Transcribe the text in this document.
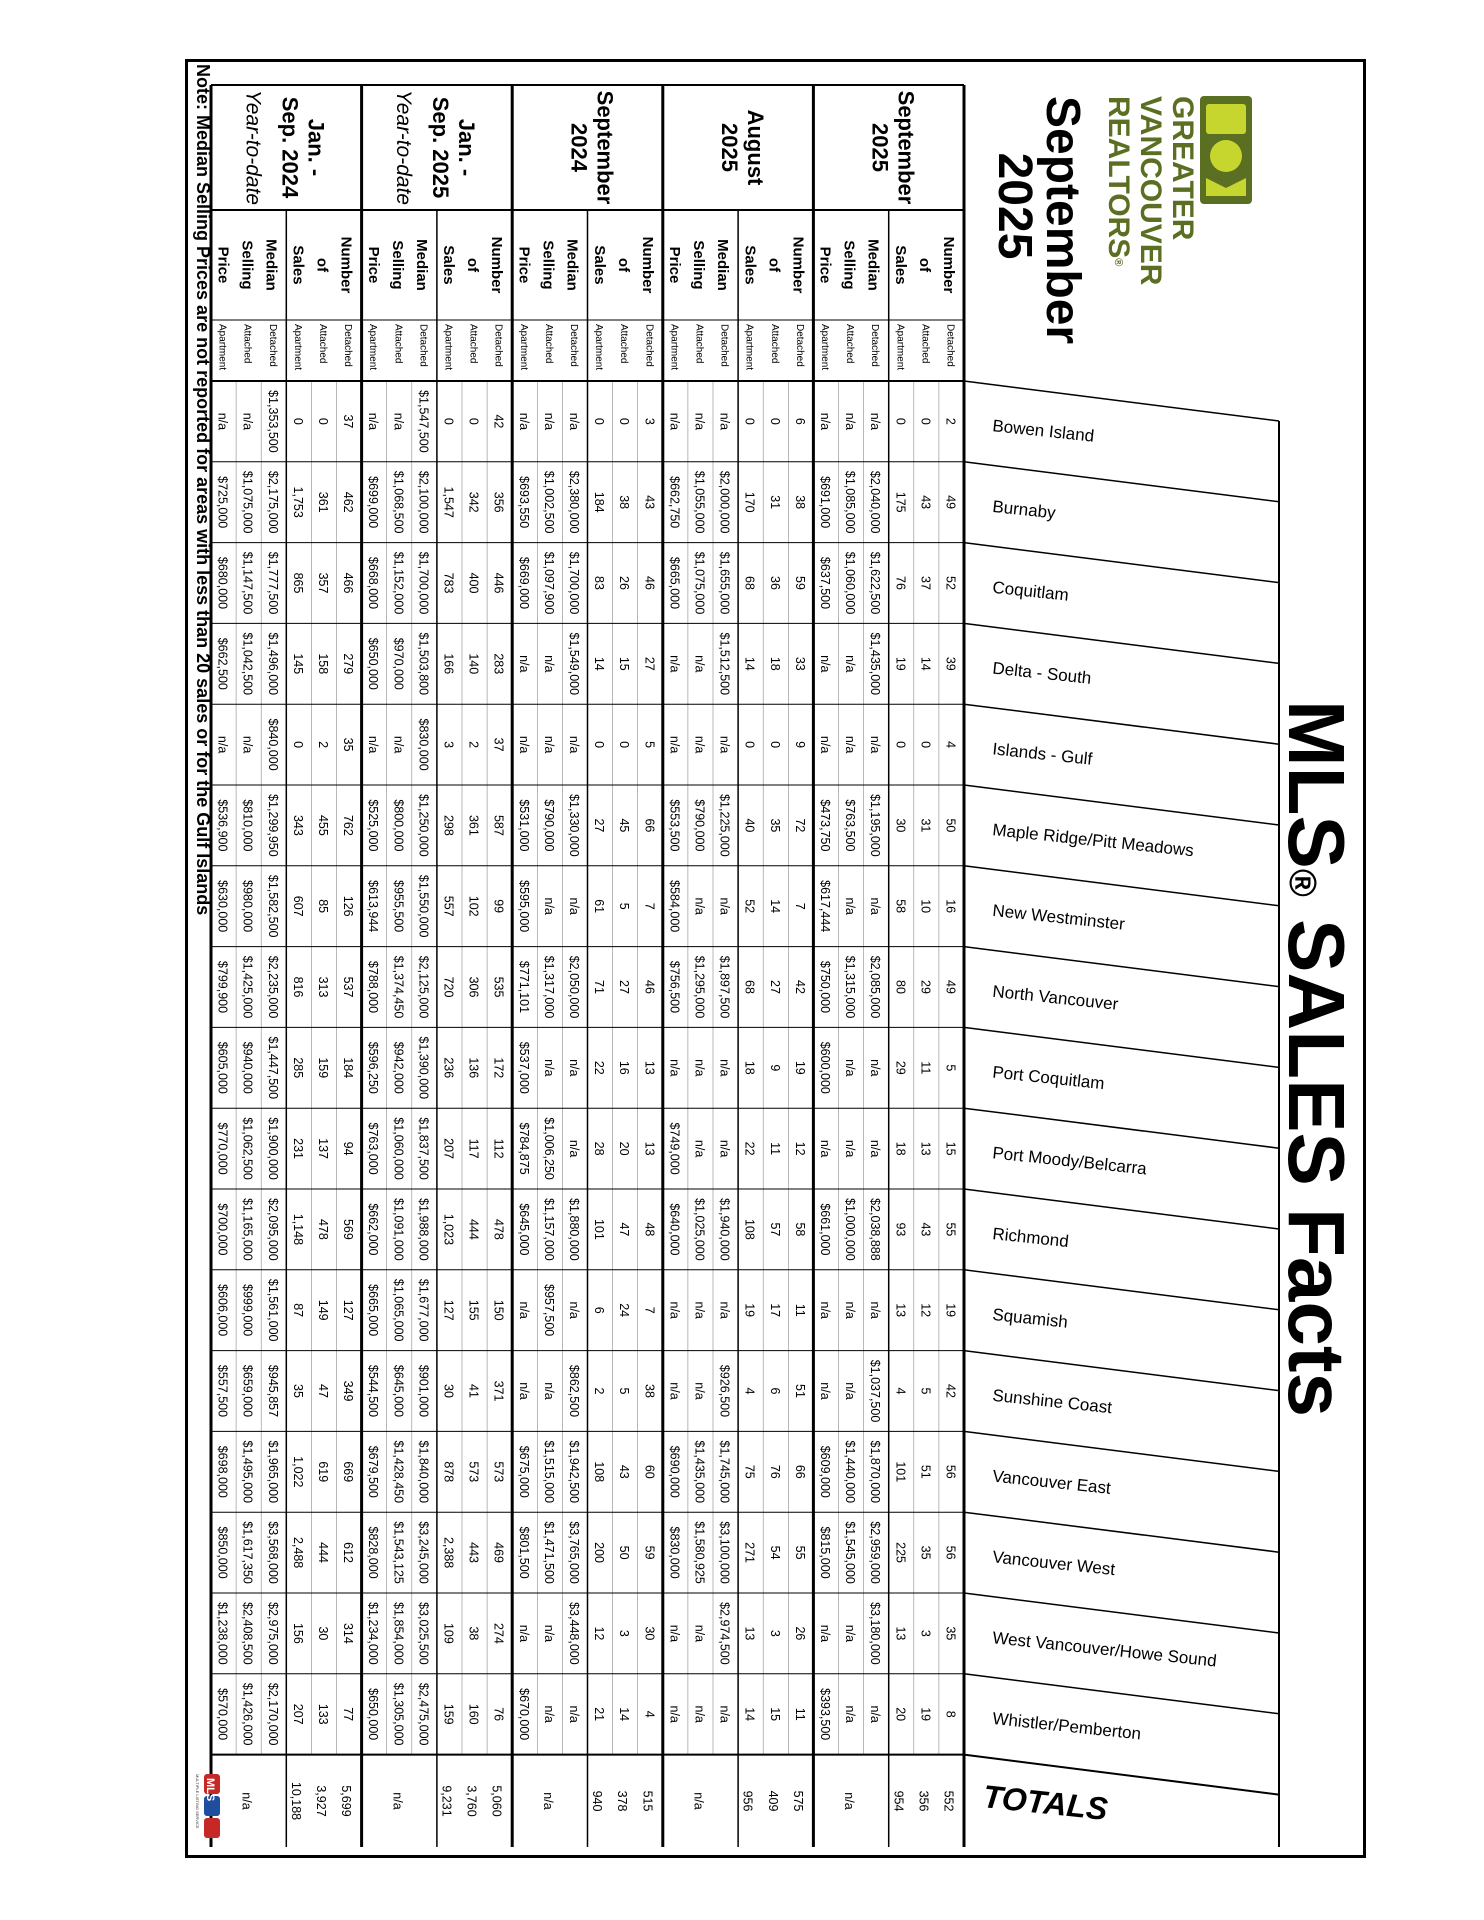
MLS® SALES Facts
GREATER
VANCOUVER
REALTORS®
September
2025
Bowen Island
Burnaby
Coquitlam
Delta - South
Islands - Gulf
Maple Ridge/Pitt Meadows
New Westminster
North Vancouver
Port Coquitlam
Port Moody/Belcarra
Richmond
Squamish
Sunshine Coast
Vancouver East
Vancouver West
West Vancouver/Howe Sound
Whistler/Pemberton
TOTALS
September
2025
Number
of
Sales
Detached
2
49
52
39
4
50
16
49
5
15
55
19
42
56
56
35
8
552
Attached
0
43
37
14
0
31
10
29
11
13
43
12
5
51
35
3
19
356
Apartment
0
175
76
19
0
30
58
80
29
18
93
13
4
101
225
13
20
954
Median
Selling
Price
Detached
n/a
$2,040,000
$1,622,500
$1,435,000
n/a
$1,195,000
n/a
$2,085,000
n/a
n/a
$2,038,888
n/a
$1,037,500
$1,870,000
$2,959,000
$3,180,000
n/a
Attached
n/a
$1,085,000
$1,060,000
n/a
n/a
$763,500
n/a
$1,315,000
n/a
n/a
$1,000,000
n/a
n/a
$1,440,000
$1,545,000
n/a
n/a
Apartment
n/a
$691,000
$637,500
n/a
n/a
$473,750
$617,444
$750,000
$600,000
n/a
$661,000
n/a
n/a
$609,000
$815,000
n/a
$393,500
n/a
August
2025
Number
of
Sales
Detached
6
38
59
33
9
72
7
42
19
12
58
11
51
66
55
26
11
575
Attached
0
31
36
18
0
35
14
27
9
11
57
17
6
76
54
3
15
409
Apartment
0
170
68
14
0
40
52
68
18
22
108
19
4
75
271
13
14
956
Median
Selling
Price
Detached
n/a
$2,000,000
$1,655,000
$1,512,500
n/a
$1,225,000
n/a
$1,897,500
n/a
n/a
$1,940,000
n/a
$926,500
$1,745,000
$3,100,000
$2,974,500
n/a
Attached
n/a
$1,055,000
$1,075,000
n/a
n/a
$790,000
n/a
$1,295,000
n/a
n/a
$1,025,000
n/a
n/a
$1,435,000
$1,580,925
n/a
n/a
Apartment
n/a
$662,750
$665,000
n/a
n/a
$553,500
$584,000
$756,500
n/a
$749,000
$640,000
n/a
n/a
$690,000
$830,000
n/a
n/a
n/a
September
2024
Number
of
Sales
Detached
3
43
46
27
5
66
7
46
13
13
48
7
38
60
59
30
4
515
Attached
0
38
26
15
0
45
5
27
16
20
47
24
5
43
50
3
14
378
Apartment
0
184
83
14
0
27
61
71
22
28
101
6
2
108
200
12
21
940
Median
Selling
Price
Detached
n/a
$2,380,000
$1,700,000
$1,549,000
n/a
$1,330,000
n/a
$2,050,000
n/a
n/a
$1,880,000
n/a
$862,500
$1,942,500
$3,765,000
$3,448,000
n/a
Attached
n/a
$1,002,500
$1,097,900
n/a
n/a
$790,000
n/a
$1,317,000
n/a
$1,006,250
$1,157,000
$957,500
n/a
$1,515,000
$1,471,500
n/a
n/a
Apartment
n/a
$693,550
$669,000
n/a
n/a
$531,000
$595,000
$771,101
$537,000
$784,875
$645,000
n/a
n/a
$675,000
$801,500
n/a
$670,000
n/a
Jan. -
Sep. 2025
Year-to-date
Number
of
Sales
Detached
42
356
446
283
37
587
99
535
172
112
478
150
371
573
469
274
76
5,060
Attached
0
342
400
140
2
361
102
306
136
117
444
155
41
573
443
38
160
3,760
Apartment
0
1,547
783
166
3
298
557
720
236
207
1,023
127
30
878
2,388
109
159
9,231
Median
Selling
Price
Detached
$1,547,500
$2,100,000
$1,700,000
$1,503,800
$830,000
$1,250,000
$1,550,000
$2,125,000
$1,390,000
$1,837,500
$1,988,000
$1,677,000
$901,000
$1,840,000
$3,245,000
$3,025,500
$2,475,000
Attached
n/a
$1,068,500
$1,152,000
$970,000
n/a
$800,000
$955,500
$1,374,450
$942,000
$1,060,000
$1,091,000
$1,065,000
$645,000
$1,428,450
$1,543,125
$1,854,000
$1,305,000
Apartment
n/a
$699,000
$668,000
$650,000
n/a
$525,000
$613,944
$788,000
$596,250
$763,000
$662,000
$665,000
$544,500
$679,500
$828,000
$1,234,000
$650,000
n/a
Jan. -
Sep. 2024
Year-to-date
Number
of
Sales
Detached
37
462
466
279
35
762
126
537
184
94
569
127
349
669
612
314
77
5,699
Attached
0
361
357
158
2
455
85
313
159
137
478
149
47
619
444
30
133
3,927
Apartment
0
1,753
865
145
0
343
607
816
285
231
1,148
87
35
1,022
2,488
156
207
10,188
Median
Selling
Price
Detached
$1,353,500
$2,175,000
$1,777,500
$1,496,000
$840,000
$1,299,950
$1,582,500
$2,235,000
$1,447,500
$1,900,000
$2,095,000
$1,561,000
$945,857
$1,965,000
$3,568,000
$2,975,000
$2,170,000
Attached
n/a
$1,075,000
$1,147,500
$1,042,500
n/a
$810,000
$980,000
$1,425,000
$940,000
$1,062,500
$1,165,000
$999,000
$659,000
$1,495,000
$1,617,350
$2,408,500
$1,426,000
Apartment
n/a
$725,000
$680,000
$662,500
n/a
$536,900
$630,000
$799,900
$605,000
$770,000
$700,000
$606,000
$557,500
$698,000
$850,000
$1,238,000
$570,000
n/a
Note: Median Selling Prices are not reported for areas with less than 20 sales or for the Gulf Islands
MLS
MULTIPLE LISTING SERVICE
